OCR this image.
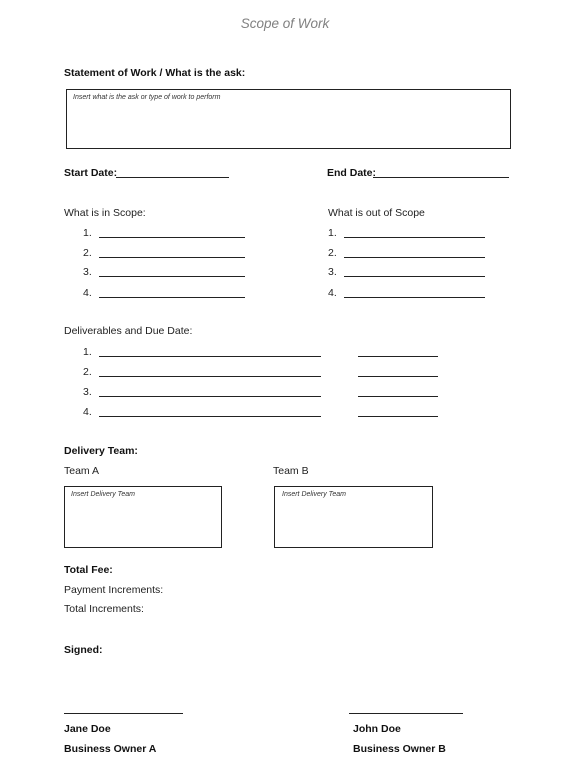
Scope of Work
Statement of Work / What is the ask:
Insert what is the ask or type of work to perform
Start Date:	End Date:
What is in Scope:	What is out of Scope
1.
2.
3.
4.
1.
2.
3.
4.
Deliverables and Due Date:
1.
2.
3.
4.
Delivery Team:
Team A	Team B
Insert Delivery Team	Insert Delivery Team
Total Fee:
Payment Increments:
Total Increments:
Signed:
Jane Doe
Business Owner A
John Doe
Business Owner B
